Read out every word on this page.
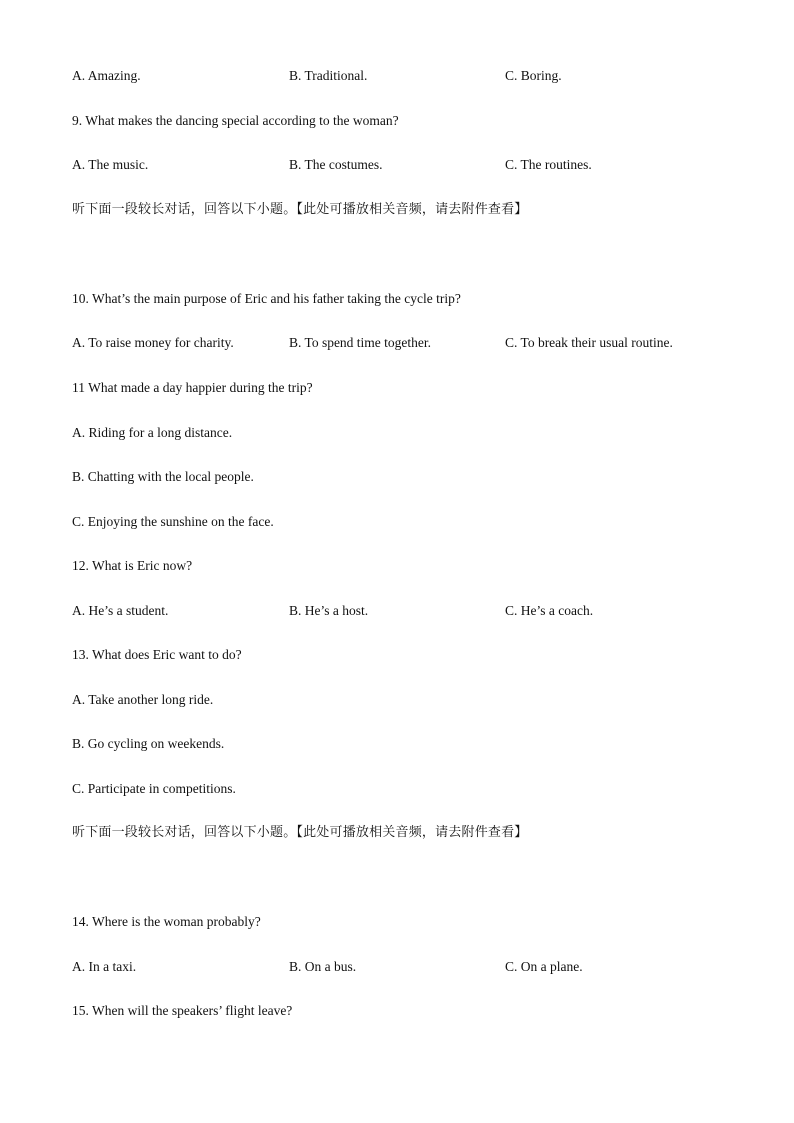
A. Amazing.	B. Traditional.	C. Boring.
9. What makes the dancing special according to the woman?
A. The music.	B. The costumes.	C. The routines.
听下面一段较长对话，回答以下小题。【此处可播放相关音频，请去附件查看】
10. What’s the main purpose of Eric and his father taking the cycle trip?
A. To raise money for charity.	B. To spend time together.	C. To break their usual routine.
11 What made a day happier during the trip?
A. Riding for a long distance.
B. Chatting with the local people.
C. Enjoying the sunshine on the face.
12. What is Eric now?
A. He’s a student.	B. He’s a host.	C. He’s a coach.
13. What does Eric want to do?
A. Take another long ride.
B. Go cycling on weekends.
C. Participate in competitions.
听下面一段较长对话，回答以下小题。【此处可播放相关音频，请去附件查看】
14. Where is the woman probably?
A. In a taxi.	B. On a bus.	C. On a plane.
15. When will the speakers’ flight leave?
